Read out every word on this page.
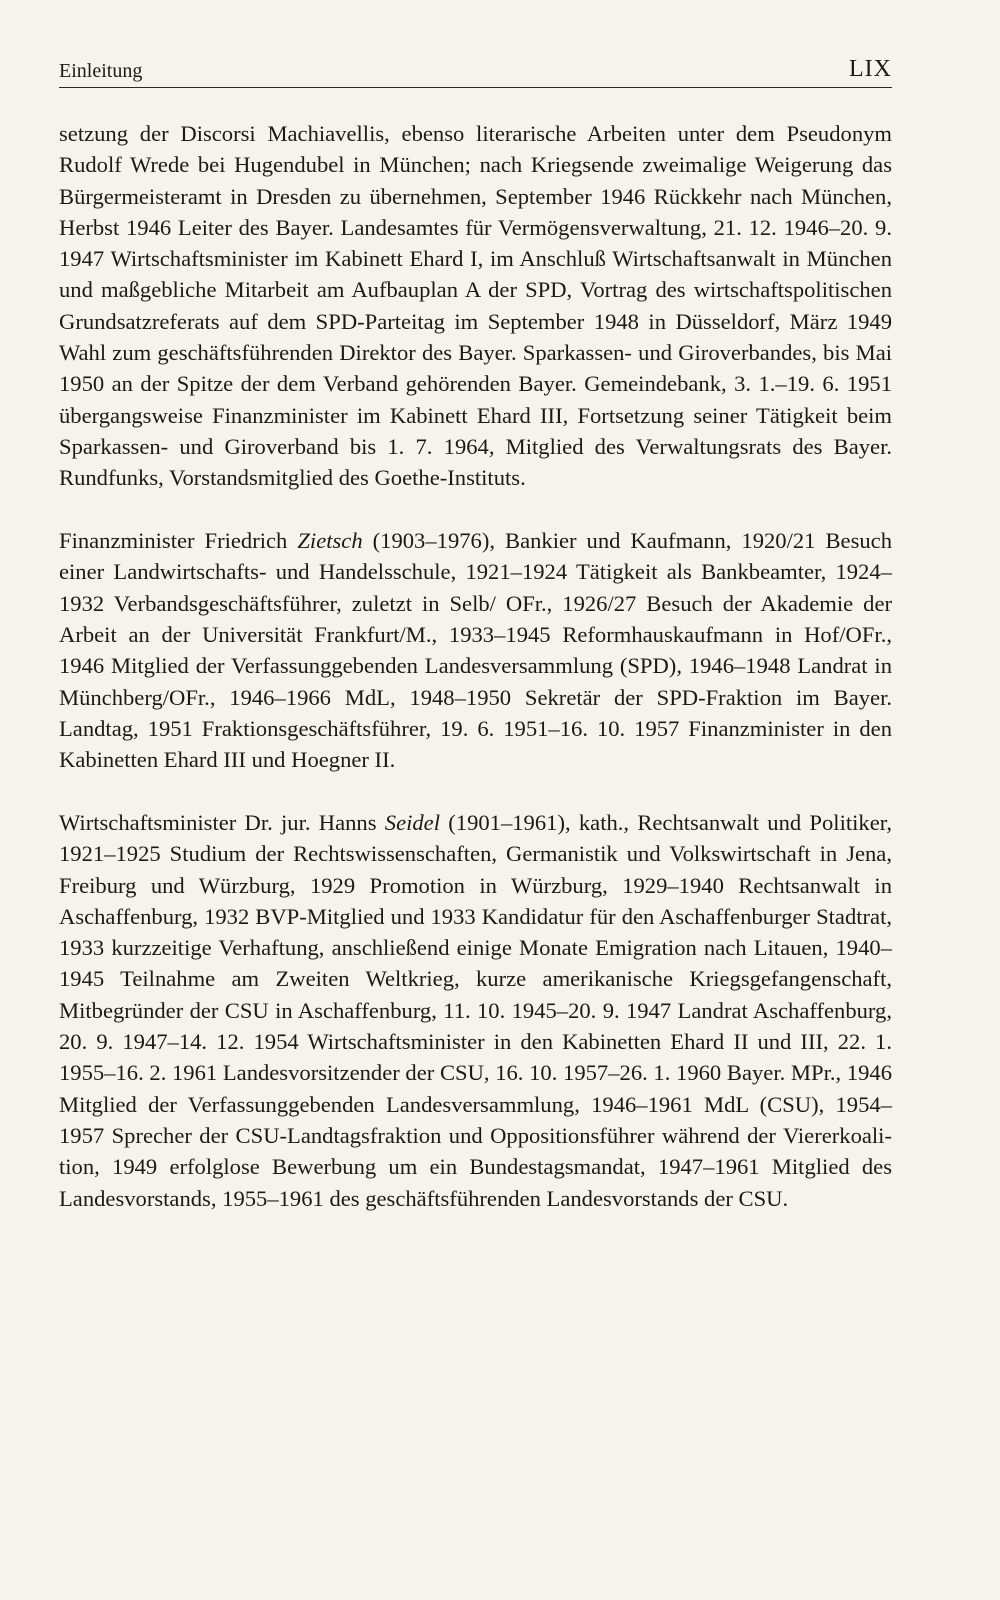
Einleitung	LIX

setzung der Discorsi Machiavellis, ebenso literarische Arbeiten unter dem Pseudonym Rudolf Wrede bei Hugendubel in München; nach Kriegsende zweimalige Weigerung das Bürgermeisteramt in Dresden zu übernehmen, September 1946 Rückkehr nach München, Herbst 1946 Leiter des Bayer. Landesamtes für Vermögensverwaltung, 21. 12. 1946–20. 9. 1947 Wirtschaftsminister im Kabinett Ehard I, im Anschluß Wirtschaftsanwalt in München und maßgebliche Mitarbeit am Aufbauplan A der SPD, Vortrag des wirtschaftspolitischen Grundsatzreferats auf dem SPD-Parteitag im September 1948 in Düsseldorf, März 1949 Wahl zum geschäftsführenden Direktor des Bayer. Sparkassen- und Giroverbandes, bis Mai 1950 an der Spitze der dem Verband gehörenden Bayer. Gemeindebank, 3. 1.–19. 6. 1951 übergangsweise Finanzminister im Kabinett Ehard III, Fortsetzung seiner Tätigkeit beim Sparkassen- und Giroverband bis 1. 7. 1964, Mitglied des Verwaltungsrats des Bayer. Rundfunks, Vorstandsmitglied des Goethe-Instituts.

Finanzminister Friedrich Zietsch (1903–1976), Bankier und Kaufmann, 1920/21 Besuch einer Landwirtschafts- und Handelsschule, 1921–1924 Tätigkeit als Bankbeamter, 1924–1932 Verbandsgeschäftsführer, zuletzt in Selb/ OFr., 1926/27 Besuch der Akademie der Arbeit an der Universität Frankfurt/M., 1933–1945 Reformhauskaufmann in Hof/OFr., 1946 Mitglied der Verfassunggebenden Landesversammlung (SPD), 1946–1948 Landrat in Münchberg/OFr., 1946–1966 MdL, 1948–1950 Sekretär der SPD-Fraktion im Bayer. Landtag, 1951 Fraktionsgeschäftsführer, 19. 6. 1951–16. 10. 1957 Finanzminister in den Kabinetten Ehard III und Hoegner II.

Wirtschaftsminister Dr. jur. Hanns Seidel (1901–1961), kath., Rechtsanwalt und Politiker, 1921–1925 Studium der Rechtswissenschaften, Germanistik und Volkswirtschaft in Jena, Freiburg und Würzburg, 1929 Promotion in Würzburg, 1929–1940 Rechtsanwalt in Aschaffenburg, 1932 BVP-Mitglied und 1933 Kandidatur für den Aschaffenburger Stadtrat, 1933 kurzzeitige Verhaftung, anschließend einige Monate Emigration nach Litauen, 1940–1945 Teilnahme am Zweiten Weltkrieg, kurze amerikanische Kriegsgefangenschaft, Mitbegründer der CSU in Aschaffenburg, 11. 10. 1945–20. 9. 1947 Landrat Aschaffenburg, 20. 9. 1947–14. 12. 1954 Wirtschaftsminister in den Kabinetten Ehard II und III, 22. 1. 1955–16. 2. 1961 Landesvorsitzender der CSU, 16. 10. 1957–26. 1. 1960 Bayer. MPr., 1946 Mitglied der Verfassunggebenden Landesversammlung, 1946–1961 MdL (CSU), 1954–1957 Sprecher der CSU-Landtagsfraktion und Oppositionsführer während der Viererkoalition, 1949 erfolglose Bewerbung um ein Bundestagsmandat, 1947–1961 Mitglied des Landesvorstands, 1955–1961 des geschäftsführenden Landesvorstands der CSU.
